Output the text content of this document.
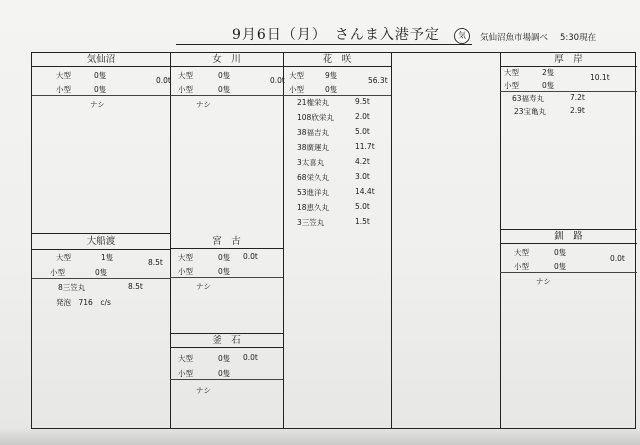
9月6日（月）　さんま入港予定	気	気仙沼魚市場調べ 5:30現在
気仙沼
大型	0隻
0.0t
小型	0隻
ナシ
大船渡
大型	1隻
8.5t
小型	0隻
8三笠丸	8.5t
発泡　716　c/s
女　川
大型	0隻
0.0t
小型	0隻
ナシ
宮　古
大型	0隻 0.0t
小型	0隻
ナシ
釜　石
大型	0隻 0.0t
小型	0隻
ナシ
花　咲
大型	9隻
56.3t
小型	0隻
21権栄丸	9.5t
108欣栄丸	2.0t
38福吉丸	5.0t
38廣運丸	11.7t
3太喜丸	4.2t
68栄久丸	3.0t
53進洋丸	14.4t
18恵久丸	5.0t
3三笠丸	1.5t
厚　岸
大型	2隻
10.1t
小型	0隻
63福寿丸	7.2t
23宝亀丸	2.9t
釧　路
大型	0隻
0.0t
小型	0隻
ナシ
